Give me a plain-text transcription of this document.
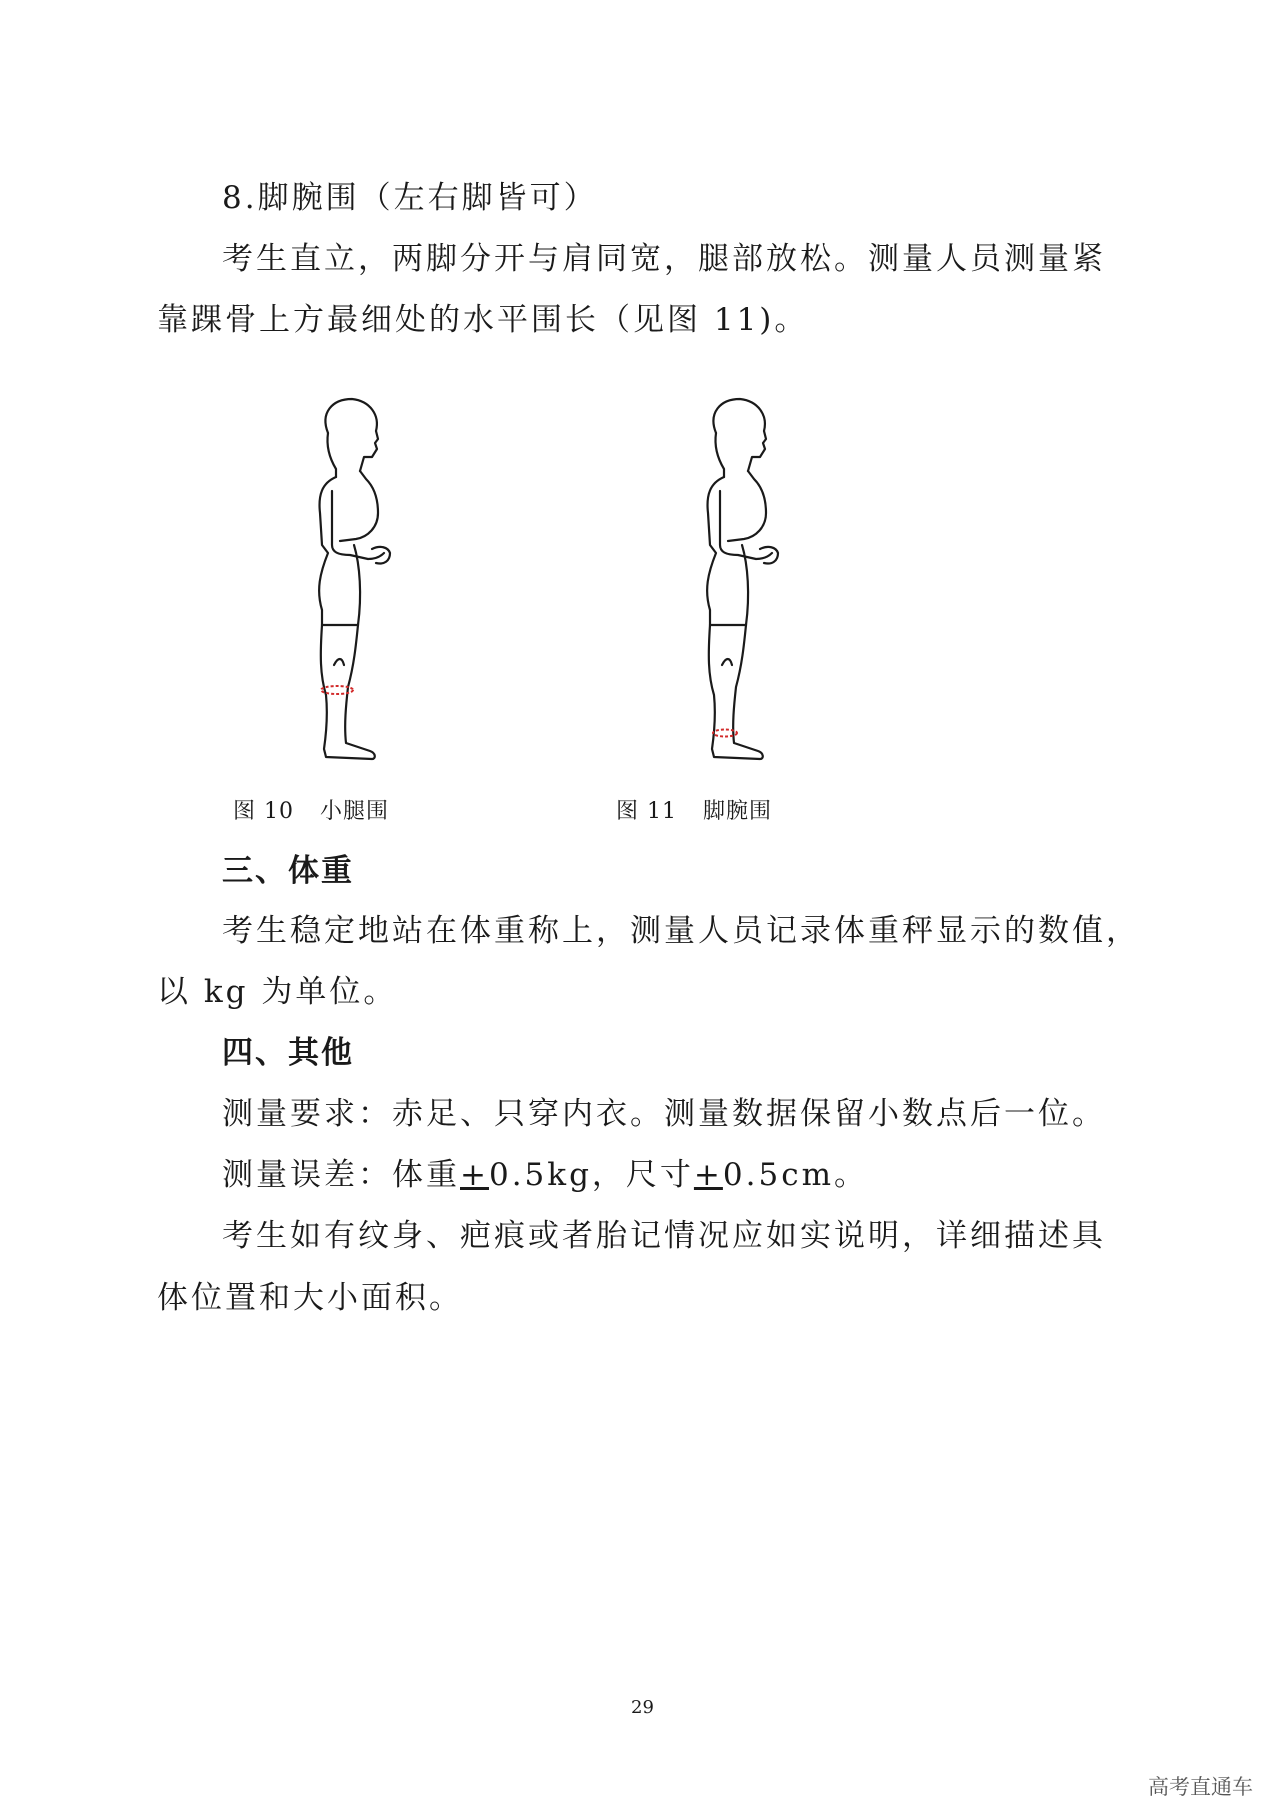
8.脚腕围（左右脚皆可）
考生直立，两脚分开与肩同宽，腿部放松。测量人员测量紧
靠踝骨上方最细处的水平围长（见图 11)。
图 10 小腿围	图 11 脚腕围
三、体重
考生稳定地站在体重称上，测量人员记录体重秤显示的数值，
以 kg 为单位。
四、其他
测量要求：赤足、只穿内衣。测量数据保留小数点后一位。
测量误差：体重+0.5kg，尺寸+0.5cm。
考生如有纹身、疤痕或者胎记情况应如实说明，详细描述具
体位置和大小面积。
29
高考直通车
